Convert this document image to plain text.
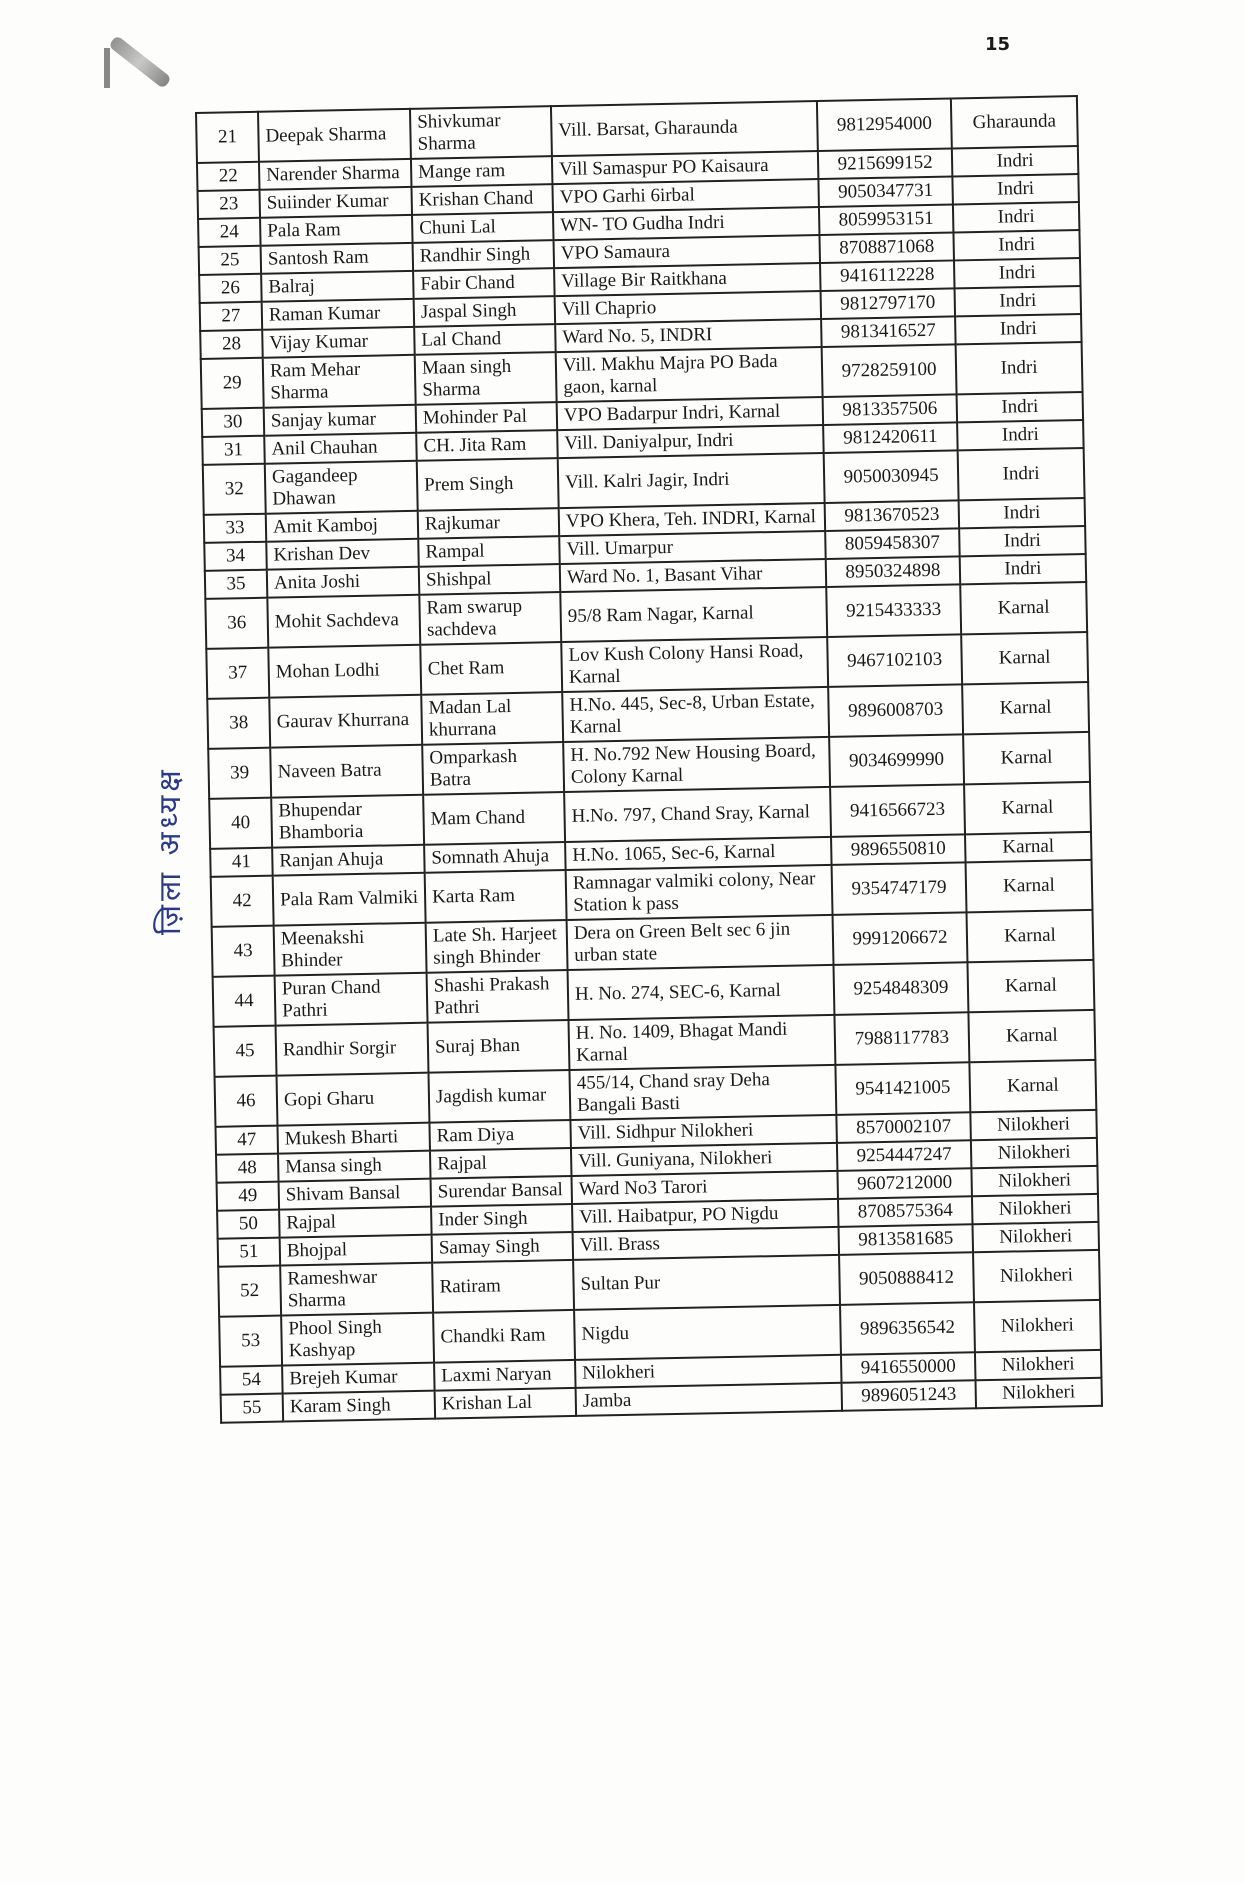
15
ज़िला अध्यक्ष
21	Deepak Sharma	Shivkumar Sharma	Vill. Barsat, Gharaunda	9812954000	Gharaunda
22	Narender Sharma	Mange ram	Vill Samaspur PO Kaisaura	9215699152	Indri
23	Suiinder Kumar	Krishan Chand	VPO Garhi 6irbal	9050347731	Indri
24	Pala Ram	Chuni Lal	WN- TO Gudha Indri	8059953151	Indri
25	Santosh Ram	Randhir Singh	VPO Samaura	8708871068	Indri
26	Balraj	Fabir Chand	Village Bir Raitkhana	9416112228	Indri
27	Raman Kumar	Jaspal Singh	Vill Chaprio	9812797170	Indri
28	Vijay Kumar	Lal Chand	Ward No. 5, INDRI	9813416527	Indri
29	Ram Mehar Sharma	Maan singh Sharma	Vill. Makhu Majra PO Bada gaon, karnal	9728259100	Indri
30	Sanjay kumar	Mohinder Pal	VPO Badarpur Indri, Karnal	9813357506	Indri
31	Anil Chauhan	CH. Jita Ram	Vill. Daniyalpur, Indri	9812420611	Indri
32	Gagandeep Dhawan	Prem Singh	Vill. Kalri Jagir, Indri	9050030945	Indri
33	Amit Kamboj	Rajkumar	VPO Khera, Teh. INDRI, Karnal	9813670523	Indri
34	Krishan Dev	Rampal	Vill. Umarpur	8059458307	Indri
35	Anita Joshi	Shishpal	Ward No. 1, Basant Vihar	8950324898	Indri
36	Mohit Sachdeva	Ram swarup sachdeva	95/8 Ram Nagar, Karnal	9215433333	Karnal
37	Mohan Lodhi	Chet Ram	Lov Kush Colony Hansi Road, Karnal	9467102103	Karnal
38	Gaurav Khurrana	Madan Lal khurrana	H.No. 445, Sec-8, Urban Estate, Karnal	9896008703	Karnal
39	Naveen Batra	Omparkash Batra	H. No.792 New Housing Board, Colony Karnal	9034699990	Karnal
40	Bhupendar Bhamboria	Mam Chand	H.No. 797, Chand Sray, Karnal	9416566723	Karnal
41	Ranjan Ahuja	Somnath Ahuja	H.No. 1065, Sec-6, Karnal	9896550810	Karnal
42	Pala Ram Valmiki	Karta Ram	Ramnagar valmiki colony, Near Station k pass	9354747179	Karnal
43	Meenakshi Bhinder	Late Sh. Harjeet singh Bhinder	Dera on Green Belt sec 6 jin urban state	9991206672	Karnal
44	Puran Chand Pathri	Shashi Prakash Pathri	H. No. 274, SEC-6, Karnal	9254848309	Karnal
45	Randhir Sorgir	Suraj Bhan	H. No. 1409, Bhagat Mandi Karnal	7988117783	Karnal
46	Gopi Gharu	Jagdish kumar	455/14, Chand sray Deha Bangali Basti	9541421005	Karnal
47	Mukesh Bharti	Ram Diya	Vill. Sidhpur Nilokheri	8570002107	Nilokheri
48	Mansa singh	Rajpal	Vill. Guniyana, Nilokheri	9254447247	Nilokheri
49	Shivam Bansal	Surendar Bansal	Ward No3 Tarori	9607212000	Nilokheri
50	Rajpal	Inder Singh	Vill. Haibatpur, PO Nigdu	8708575364	Nilokheri
51	Bhojpal	Samay Singh	Vill. Brass	9813581685	Nilokheri
52	Rameshwar Sharma	Ratiram	Sultan Pur	9050888412	Nilokheri
53	Phool Singh Kashyap	Chandki Ram	Nigdu	9896356542	Nilokheri
54	Brejeh Kumar	Laxmi Naryan	Nilokheri	9416550000	Nilokheri
55	Karam Singh	Krishan Lal	Jamba	9896051243	Nilokheri
